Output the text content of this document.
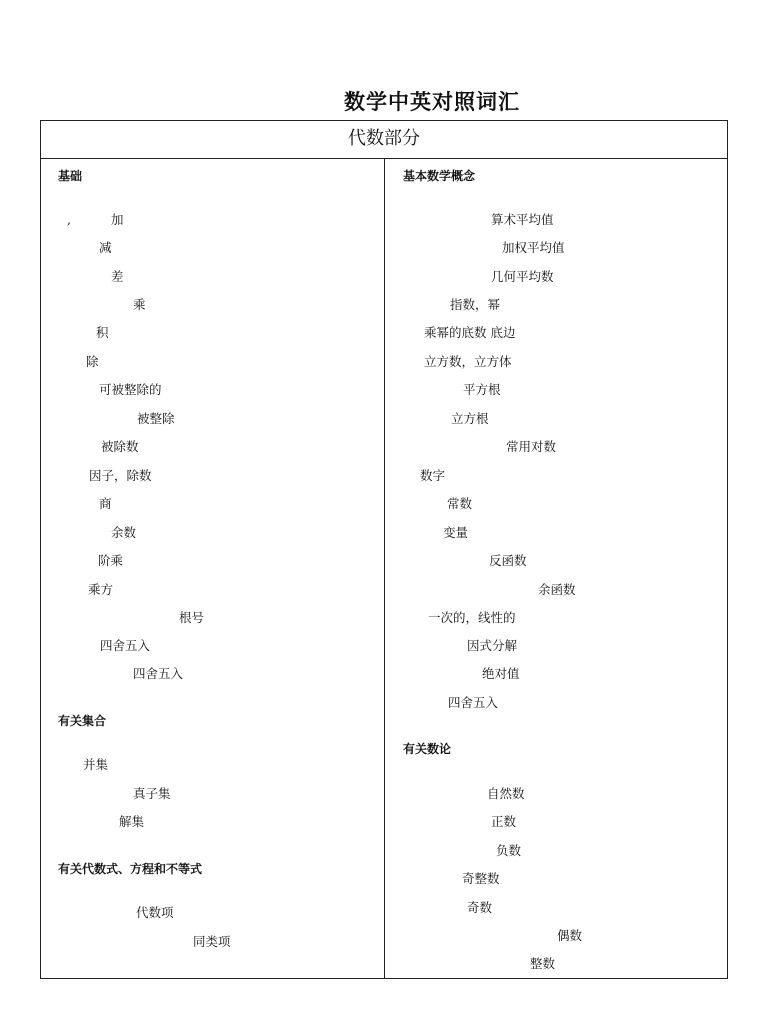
数学中英对照词汇
代数部分
基础
,	加
减
差
乘
积
除
可被整除的
被整除
被除数
因子，除数
商
余数
阶乘
乘方
根号
四舍五入
四舍五入
有关集合
并集
真子集
解集
有关代数式、方程和不等式
代数项
同类项
基本数学概念
算术平均值
加权平均值
几何平均数
指数，幂
乘幂的底数 底边
立方数，立方体
平方根
立方根
常用对数
数字
常数
变量
反函数
余函数
一次的，线性的
因式分解
绝对值
四舍五入
有关数论
自然数
正数
负数
奇整数
奇数
偶数
整数
